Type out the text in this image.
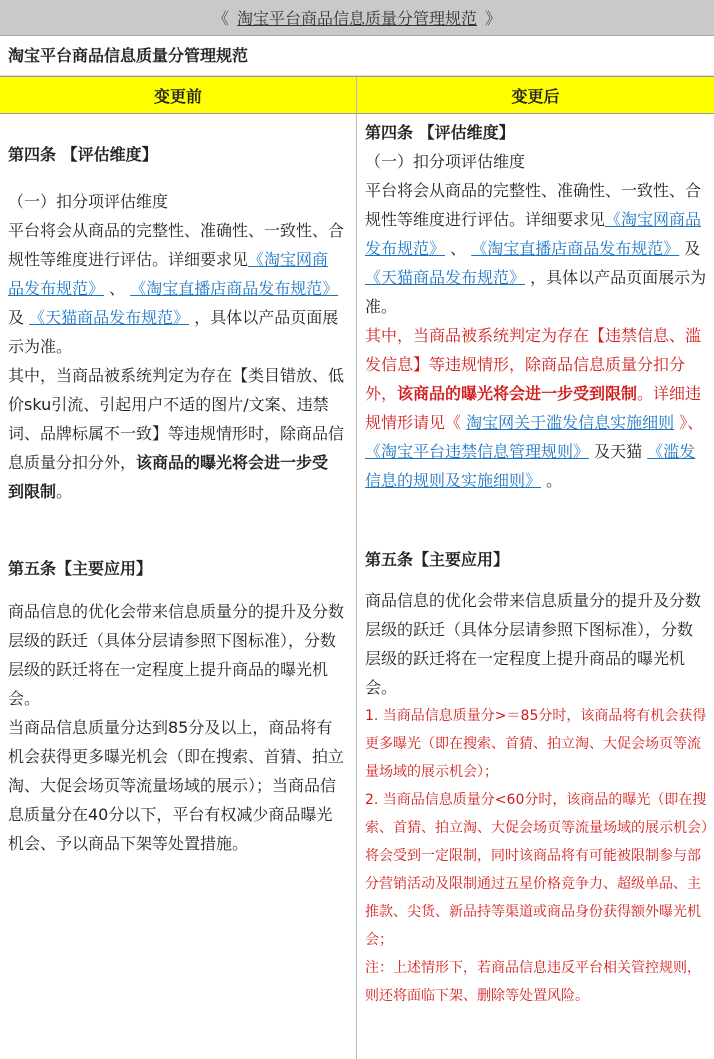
《 淘宝平台商品信息质量分管理规范 》
淘宝平台商品信息质量分管理规范
变更前	变更后

第四条 【评估维度】

（一）扣分项评估维度

平台将会从商品的完整性、准确性、一致性、合规性等维度进行评估。详细要求见《淘宝网商品发布规范》 、 《淘宝直播店商品发布规范》 及 《天猫商品发布规范》 ，具体以产品页面展示为准。

其中，当商品被系统判定为存在【类目错放、低价sku引流、引起用户不适的图片/文案、违禁词、品牌标属不一致】等违规情形时，除商品信息质量分扣分外，该商品的曝光将会进一步受到限制。

第五条【主要应用】

商品信息的优化会带来信息质量分的提升及分数层级的跃迁（具体分层请参照下图标准），分数层级的跃迁将在一定程度上提升商品的曝光机会。

当商品信息质量分达到85分及以上，商品将有机会获得更多曝光机会（即在搜索、首猜、拍立淘、大促会场页等流量场域的展示）；当商品信息质量分在40分以下，平台有权减少商品曝光机会、予以商品下架等处置措施。

第四条 【评估维度】

（一）扣分项评估维度

平台将会从商品的完整性、准确性、一致性、合规性等维度进行评估。详细要求见《淘宝网商品发布规范》 、 《淘宝直播店商品发布规范》 及 《天猫商品发布规范》 ，具体以产品页面展示为准。

其中，当商品被系统判定为存在【违禁信息、滥发信息】等违规情形，除商品信息质量分扣分外，该商品的曝光将会进一步受到限制。详细违规情形请见《 淘宝网关于滥发信息实施细则 》、 《淘宝平台违禁信息管理规则》 及天猫 《滥发信息的规则及实施细则》 。

第五条【主要应用】

商品信息的优化会带来信息质量分的提升及分数层级的跃迁（具体分层请参照下图标准），分数层级的跃迁将在一定程度上提升商品的曝光机会。

1. 当商品信息质量分>＝85分时，该商品将有机会获得更多曝光（即在搜索、首猜、拍立淘、大促会场页等流量场域的展示机会）；

2. 当商品信息质量分<60分时，该商品的曝光（即在搜索、首猜、拍立淘、大促会场页等流量场域的展示机会）将会受到一定限制，同时该商品将有可能被限制参与部分营销活动及限制通过五星价格竞争力、超级单品、主推款、尖货、新品持等渠道或商品身份获得额外曝光机会；

注：上述情形下，若商品信息违反平台相关管控规则，则还将面临下架、删除等处置风险。
